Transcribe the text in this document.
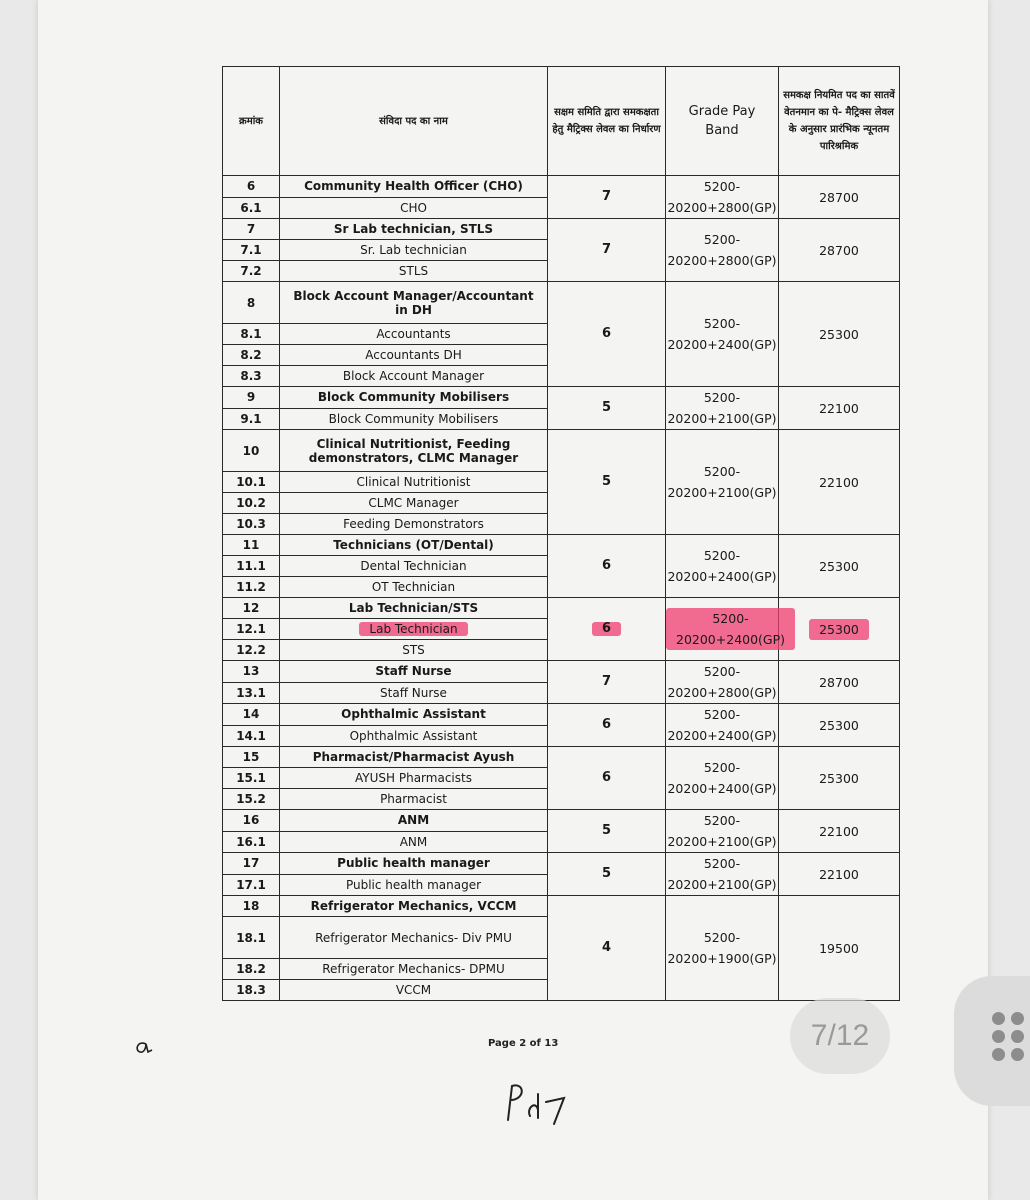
क्रमांक	संविदा पद का नाम	सक्षम समिति द्वारा समकक्षता हेतु मैट्रिक्स लेवल का निर्धारण	Grade Pay Band	समकक्ष नियमित पद का सातवें वेतनमान का पे- मैट्रिक्स लेवल के अनुसार प्रारंभिक न्यूनतम पारिश्रमिक
6	Community Health Officer (CHO)	7	5200-20200+2800(GP)	28700
6.1	CHO			
7	Sr Lab technician, STLS	7	5200-20200+2800(GP)	28700
7.1	Sr. Lab technician			
7.2	STLS			
8	Block Account Manager/Accountant in DH	6	5200-20200+2400(GP)	25300
8.1	Accountants			
8.2	Accountants DH			
8.3	Block Account Manager			
9	Block Community Mobilisers	5	5200-20200+2100(GP)	22100
9.1	Block Community Mobilisers			
10	Clinical Nutritionist, Feeding demonstrators, CLMC Manager	5	5200-20200+2100(GP)	22100
10.1	Clinical Nutritionist			
10.2	CLMC Manager			
10.3	Feeding Demonstrators			
11	Technicians (OT/Dental)	6	5200-20200+2400(GP)	25300
11.1	Dental Technician			
11.2	OT Technician			
12	Lab Technician/STS	6	5200-20200+2400(GP)	25300
12.1	Lab Technician			
12.2	STS			
13	Staff Nurse	7	5200-20200+2800(GP)	28700
13.1	Staff Nurse			
14	Ophthalmic Assistant	6	5200-20200+2400(GP)	25300
14.1	Ophthalmic Assistant			
15	Pharmacist/Pharmacist Ayush	6	5200-20200+2400(GP)	25300
15.1	AYUSH Pharmacists			
15.2	Pharmacist			
16	ANM	5	5200-20200+2100(GP)	22100
16.1	ANM			
17	Public health manager	5	5200-20200+2100(GP)	22100
17.1	Public health manager			
18	Refrigerator Mechanics, VCCM	4	5200-20200+1900(GP)	19500
18.1	Refrigerator Mechanics- Div PMU			
18.2	Refrigerator Mechanics- DPMU			
18.3	VCCM			
Page 2 of 13	7/12
